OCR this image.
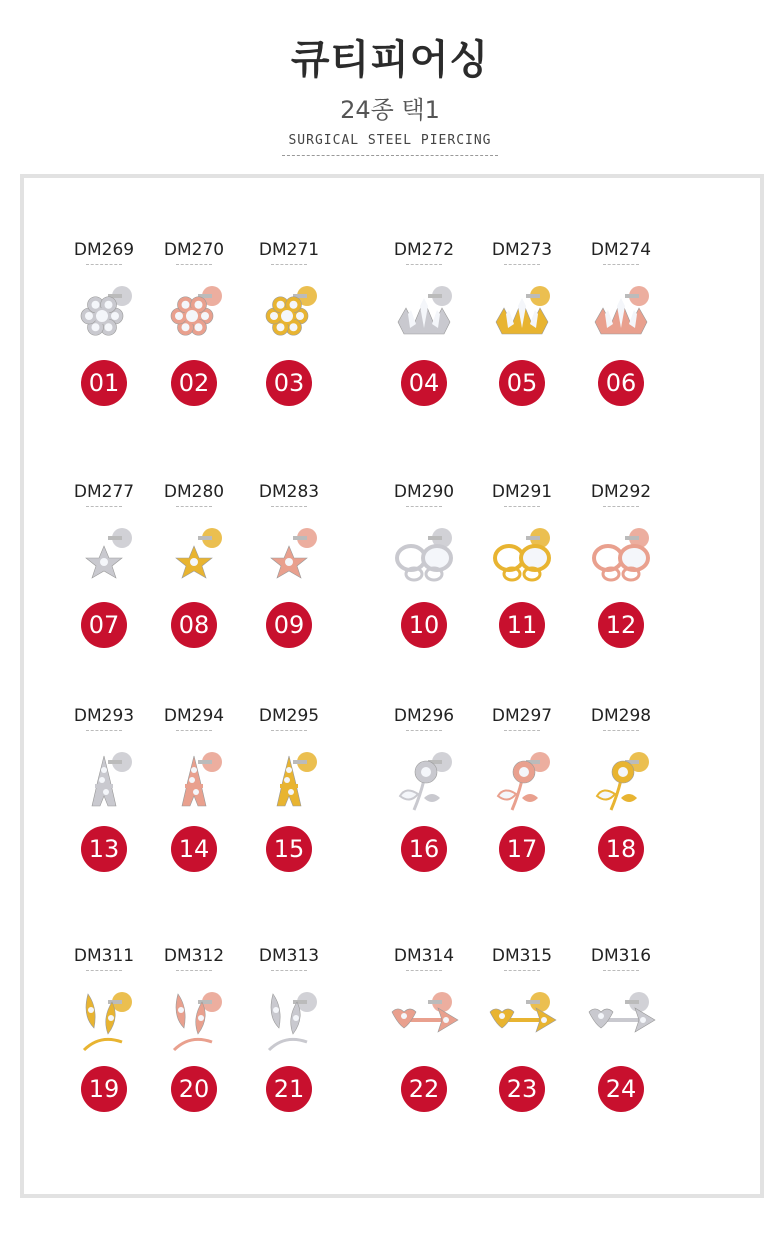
큐티피어싱
24종 택1
SURGICAL STEEL PIERCING
DM269
01
DM270
02
DM271
03
DM272
04
DM273
05
DM274
06
DM277
07
DM280
08
DM283
09
DM290
10
DM291
11
DM292
12
DM293
13
DM294
14
DM295
15
DM296
16
DM297
17
DM298
18
DM311
19
DM312
20
DM313
21
DM314
22
DM315
23
DM316
24
